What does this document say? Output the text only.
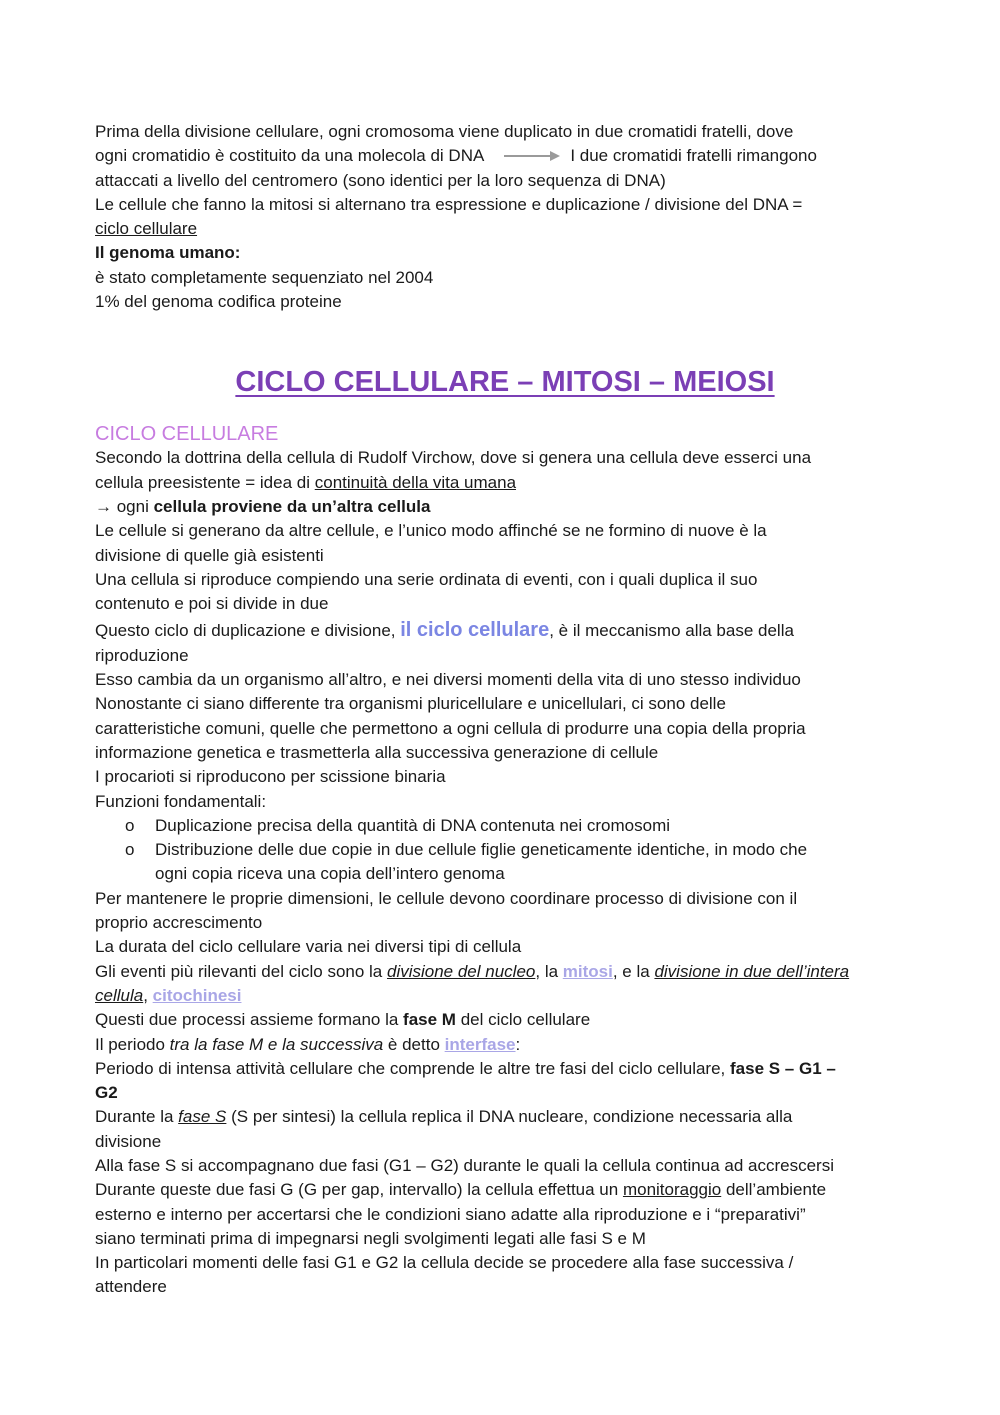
Prima della divisione cellulare, ogni cromosoma viene duplicato in due cromatidi fratelli, dove
ogni cromatidio è costituito da una molecola di DNA	I due cromatidi fratelli rimangono
attaccati a livello del centromero (sono identici per la loro sequenza di DNA)
Le cellule che fanno la mitosi si alternano tra espressione e duplicazione / divisione del DNA =
ciclo cellulare
Il genoma umano:
è stato completamente sequenziato nel 2004
1% del genoma codifica proteine
CICLO CELLULARE – MITOSI – MEIOSI
CICLO CELLULARE
Secondo la dottrina della cellula di Rudolf Virchow, dove si genera una cellula deve esserci una
cellula preesistente = idea di continuità della vita umana
→ ogni cellula proviene da un’altra cellula
Le cellule si generano da altre cellule, e l’unico modo affinché se ne formino di nuove è la
divisione di quelle già esistenti
Una cellula si riproduce compiendo una serie ordinata di eventi, con i quali duplica il suo
contenuto e poi si divide in due
Questo ciclo di duplicazione e divisione, il ciclo cellulare, è il meccanismo alla base della
riproduzione
Esso cambia da un organismo all’altro, e nei diversi momenti della vita di uno stesso individuo
Nonostante ci siano differente tra organismi pluricellulare e unicellulari, ci sono delle
caratteristiche comuni, quelle che permettono a ogni cellula di produrre una copia della propria
informazione genetica e trasmetterla alla successiva generazione di cellule
I procarioti si riproducono per scissione binaria
Funzioni fondamentali:
o Duplicazione precisa della quantità di DNA contenuta nei cromosomi
o Distribuzione delle due copie in due cellule figlie geneticamente identiche, in modo che
ogni copia riceva una copia dell’intero genoma
Per mantenere le proprie dimensioni, le cellule devono coordinare processo di divisione con il
proprio accrescimento
La durata del ciclo cellulare varia nei diversi tipi di cellula
Gli eventi più rilevanti del ciclo sono la divisione del nucleo, la mitosi, e la divisione in due dell’intera
cellula, citochinesi
Questi due processi assieme formano la fase M del ciclo cellulare
Il periodo tra la fase M e la successiva è detto interfase:
Periodo di intensa attività cellulare che comprende le altre tre fasi del ciclo cellulare, fase S – G1 –
G2
Durante la fase S (S per sintesi) la cellula replica il DNA nucleare, condizione necessaria alla
divisione
Alla fase S si accompagnano due fasi (G1 – G2) durante le quali la cellula continua ad accrescersi
Durante queste due fasi G (G per gap, intervallo) la cellula effettua un monitoraggio dell’ambiente
esterno e interno per accertarsi che le condizioni siano adatte alla riproduzione e i “preparativi”
siano terminati prima di impegnarsi negli svolgimenti legati alle fasi S e M
In particolari momenti delle fasi G1 e G2 la cellula decide se procedere alla fase successiva /
attendere
